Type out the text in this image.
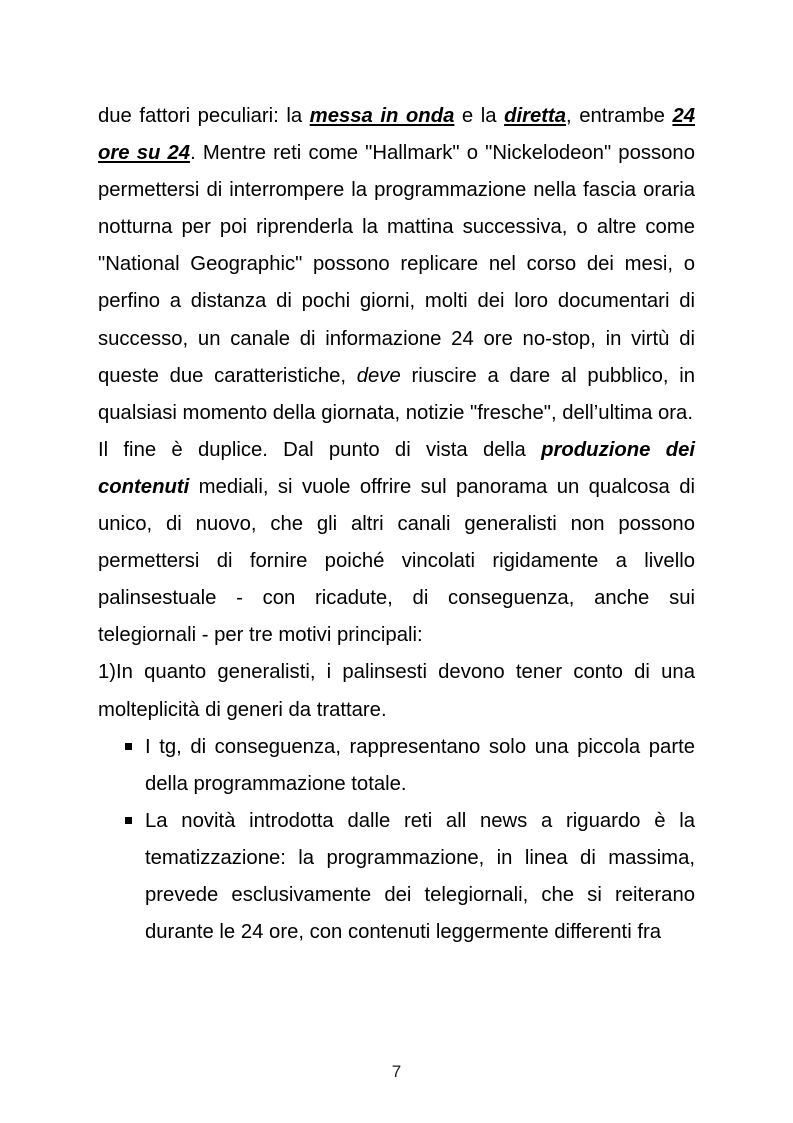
due fattori peculiari: la messa in onda e la diretta, entrambe 24 ore su 24. Mentre reti come "Hallmark" o "Nickelodeon" possono permettersi di interrompere la programmazione nella fascia oraria notturna per poi riprenderla la mattina successiva, o altre come "National Geographic" possono replicare nel corso dei mesi, o perfino a distanza di pochi giorni, molti dei loro documentari di successo, un canale di informazione 24 ore no-stop, in virtù di queste due caratteristiche, deve riuscire a dare al pubblico, in qualsiasi momento della giornata, notizie "fresche", dell’ultima ora.

Il fine è duplice. Dal punto di vista della produzione dei contenuti mediali, si vuole offrire sul panorama un qualcosa di unico, di nuovo, che gli altri canali generalisti non possono permettersi di fornire poiché vincolati rigidamente a livello palinsestuale - con ricadute, di conseguenza, anche sui telegiornali - per tre motivi principali:

1)In quanto generalisti, i palinsesti devono tener conto di una molteplicità di generi da trattare.

I tg, di conseguenza, rappresentano solo una piccola parte della programmazione totale.
La novità introdotta dalle reti all news a riguardo è la tematizzazione: la programmazione, in linea di massima, prevede esclusivamente dei telegiornali, che si reiterano durante le 24 ore, con contenuti leggermente differenti fra
7
